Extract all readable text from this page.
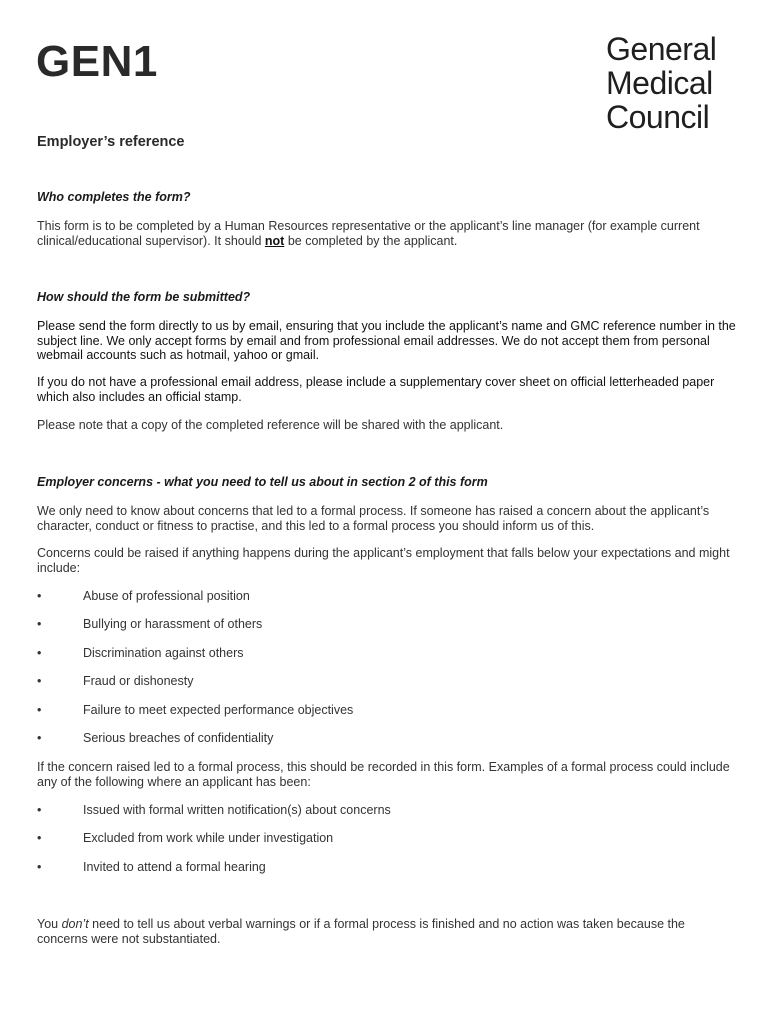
GEN1	General
Medical
Council
Employer’s reference
Who completes the form?
This form is to be completed by a Human Resources representative or the applicant’s line manager (for example current clinical/educational supervisor). It should not be completed by the applicant.
How should the form be submitted?
Please send the form directly to us by email, ensuring that you include the applicant’s name and GMC reference number in the subject line. We only accept forms by email and from professional email addresses. We do not accept them from personal webmail accounts such as hotmail, yahoo or gmail.
If you do not have a professional email address, please include a supplementary cover sheet on official letterheaded paper which also includes an official stamp.
Please note that a copy of the completed reference will be shared with the applicant.
Employer concerns - what you need to tell us about in section 2 of this form
We only need to know about concerns that led to a formal process. If someone has raised a concern about the applicant’s character, conduct or fitness to practise, and this led to a formal process you should inform us of this.
Concerns could be raised if anything happens during the applicant’s employment that falls below your expectations and might include:
•	Abuse of professional position
•	Bullying or harassment of others
•	Discrimination against others
•	Fraud or dishonesty
•	Failure to meet expected performance objectives
•	Serious breaches of confidentiality
If the concern raised led to a formal process, this should be recorded in this form. Examples of a formal process could include any of the following where an applicant has been:
•	Issued with formal written notification(s) about concerns
•	Excluded from work while under investigation
•	Invited to attend a formal hearing
You don’t need to tell us about verbal warnings or if a formal process is finished and no action was taken because the concerns were not substantiated.
